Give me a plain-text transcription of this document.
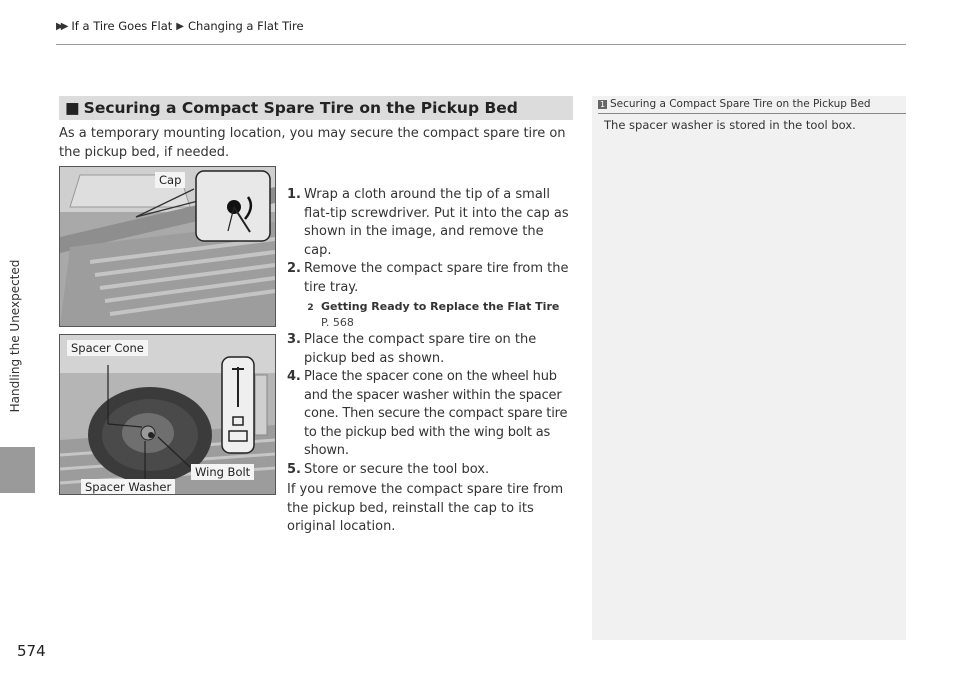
▶▶ If a Tire Goes Flat ▶ Changing a Flat Tire
Handling the Unexpected
■ Securing a Compact Spare Tire on the Pickup Bed
As a temporary mounting location, you may secure the compact spare tire on the pickup bed, if needed.
Cap
1. Wrap a cloth around the tip of a small flat-tip screwdriver. Put it into the cap as shown in the image, and remove the cap.
2. Remove the compact spare tire from the tire tray.
2 Getting Ready to Replace the Flat Tire
P. 568
Spacer Cone
Wing Bolt
Spacer Washer
3. Place the compact spare tire on the pickup bed as shown.
4. Place the spacer cone on the wheel hub and the spacer washer within the spacer cone. Then secure the compact spare tire to the pickup bed with the wing bolt as shown.
5. Store or secure the tool box.
If you remove the compact spare tire from the pickup bed, reinstall the cap to its original location.
1 Securing a Compact Spare Tire on the Pickup Bed
The spacer washer is stored in the tool box.
574
